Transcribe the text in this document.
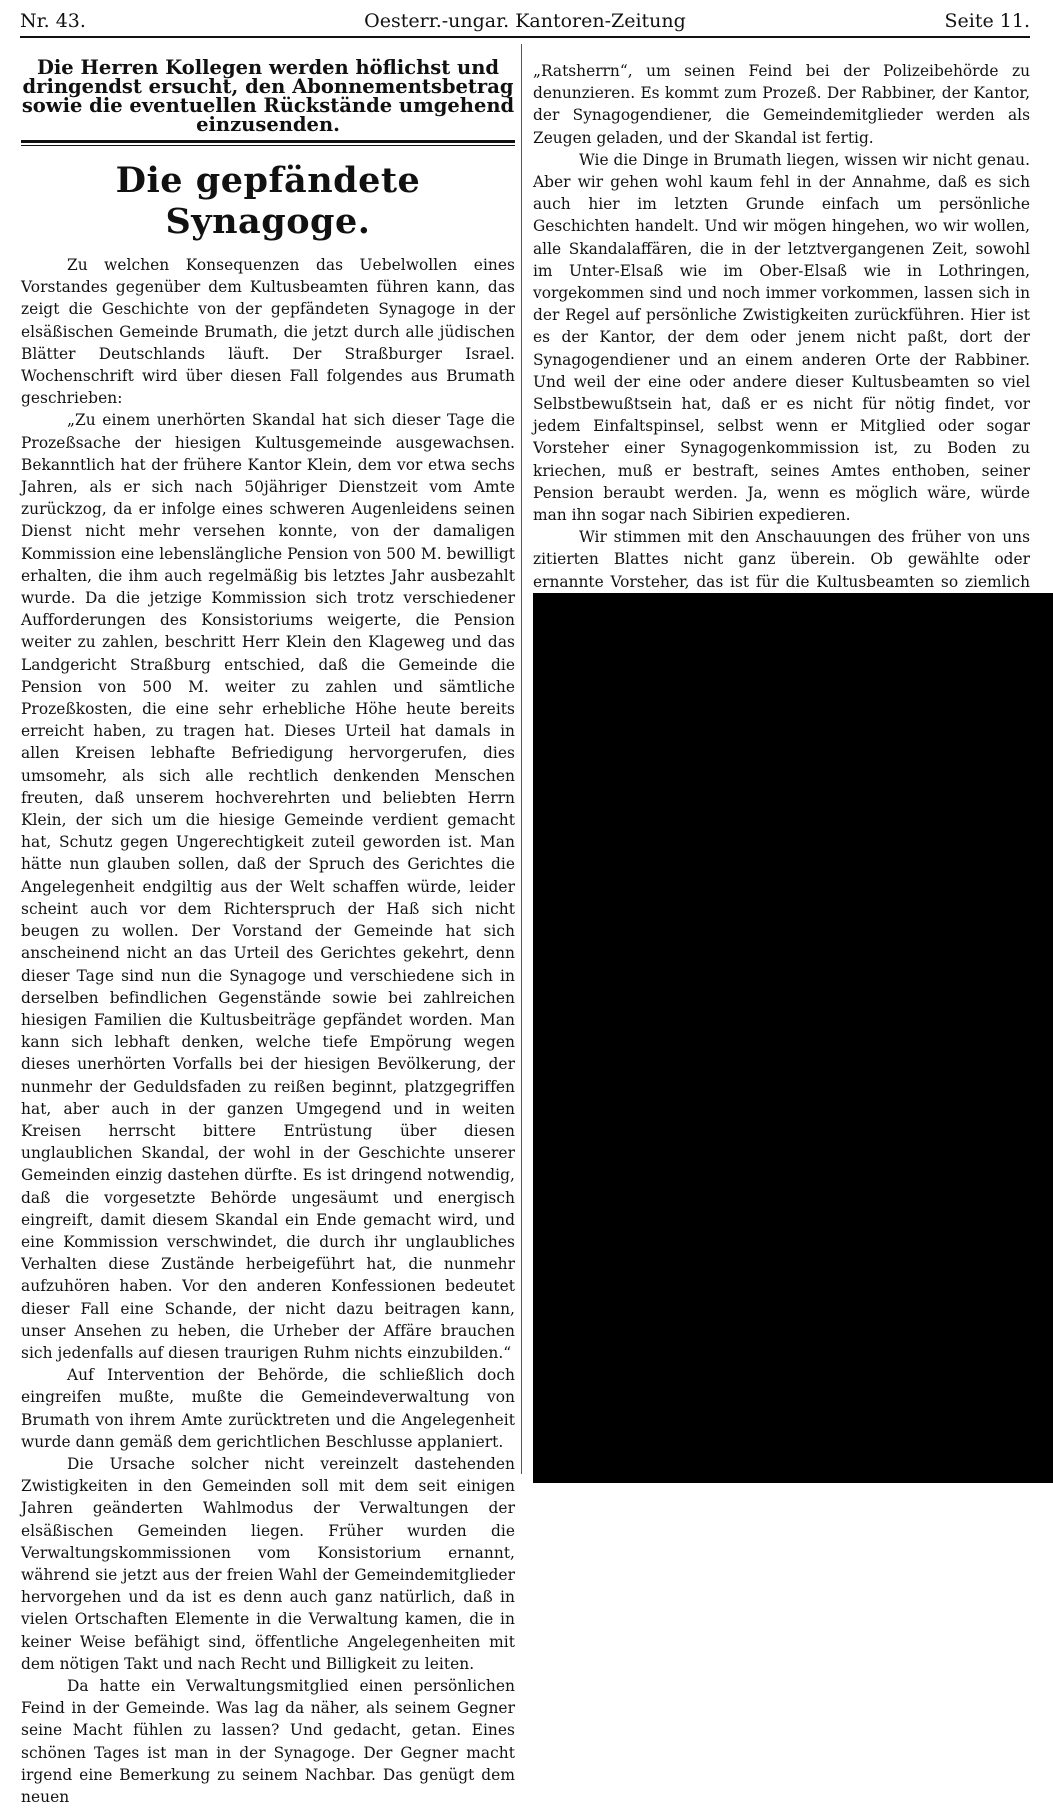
Nr. 43.	Oesterr.-ungar. Kantoren-Zeitung	Seite 11.

Die Herren Kollegen werden höflichst und dringendst ersucht, den Abonnementsbetrag sowie die eventuellen Rückstände umgehend einzusenden.

Die gepfändete Synagoge.

Zu welchen Konsequenzen das Uebelwollen eines Vorstandes gegenüber dem Kultusbeamten führen kann, das zeigt die Geschichte von der gepfändeten Synagoge in der elsäßischen Gemeinde Brumath, die jetzt durch alle jüdischen Blätter Deutschlands läuft. Der Straßburger Israel. Wochenschrift wird über diesen Fall folgendes aus Brumath geschrieben:

„Zu einem unerhörten Skandal hat sich dieser Tage die Prozeßsache der hiesigen Kultusgemeinde ausgewachsen. Bekanntlich hat der frühere Kantor Klein, dem vor etwa sechs Jahren, als er sich nach 50jähriger Dienstzeit vom Amte zurückzog, da er infolge eines schweren Augenleidens seinen Dienst nicht mehr versehen konnte, von der damaligen Kommission eine lebenslängliche Pension von 500 M. bewilligt erhalten, die ihm auch regelmäßig bis letztes Jahr ausbezahlt wurde. Da die jetzige Kommission sich trotz verschiedener Aufforderungen des Konsistoriums weigerte, die Pension weiter zu zahlen, beschritt Herr Klein den Klageweg und das Landgericht Straßburg entschied, daß die Gemeinde die Pension von 500 M. weiter zu zahlen und sämtliche Prozeßkosten, die eine sehr erhebliche Höhe heute bereits erreicht haben, zu tragen hat. Dieses Urteil hat damals in allen Kreisen lebhafte Befriedigung hervorgerufen, dies umsomehr, als sich alle rechtlich denkenden Menschen freuten, daß unserem hochverehrten und beliebten Herrn Klein, der sich um die hiesige Gemeinde verdient gemacht hat, Schutz gegen Ungerechtigkeit zuteil geworden ist. Man hätte nun glauben sollen, daß der Spruch des Gerichtes die Angelegenheit endgiltig aus der Welt schaffen würde, leider scheint auch vor dem Richterspruch der Haß sich nicht beugen zu wollen. Der Vorstand der Gemeinde hat sich anscheinend nicht an das Urteil des Gerichtes gekehrt, denn dieser Tage sind nun die Synagoge und verschiedene sich in derselben befindlichen Gegenstände sowie bei zahlreichen hiesigen Familien die Kultusbeiträge gepfändet worden. Man kann sich lebhaft denken, welche tiefe Empörung wegen dieses unerhörten Vorfalls bei der hiesigen Bevölkerung, der nunmehr der Geduldsfaden zu reißen beginnt, platzgegriffen hat, aber auch in der ganzen Umgegend und in weiten Kreisen herrscht bittere Entrüstung über diesen unglaublichen Skandal, der wohl in der Geschichte unserer Gemeinden einzig dastehen dürfte. Es ist dringend notwendig, daß die vorgesetzte Behörde ungesäumt und energisch eingreift, damit diesem Skandal ein Ende gemacht wird, und eine Kommission verschwindet, die durch ihr unglaubliches Verhalten diese Zustände herbeigeführt hat, die nunmehr aufzuhören haben. Vor den anderen Konfessionen bedeutet dieser Fall eine Schande, der nicht dazu beitragen kann, unser Ansehen zu heben, die Urheber der Affäre brauchen sich jedenfalls auf diesen traurigen Ruhm nichts einzubilden.“

Auf Intervention der Behörde, die schließlich doch eingreifen mußte, mußte die Gemeindeverwaltung von Brumath von ihrem Amte zurücktreten und die Angelegenheit wurde dann gemäß dem gerichtlichen Beschlusse applaniert.

Die Ursache solcher nicht vereinzelt dastehenden Zwistigkeiten in den Gemeinden soll mit dem seit einigen Jahren geänderten Wahlmodus der Verwaltungen der elsäßischen Gemeinden liegen. Früher wurden die Verwaltungskommissionen vom Konsistorium ernannt, während sie jetzt aus der freien Wahl der Gemeindemitglieder hervorgehen und da ist es denn auch ganz natürlich, daß in vielen Ortschaften Elemente in die Verwaltung kamen, die in keiner Weise befähigt sind, öffentliche Angelegenheiten mit dem nötigen Takt und nach Recht und Billigkeit zu leiten.

Da hatte ein Verwaltungsmitglied einen persönlichen Feind in der Gemeinde. Was lag da näher, als seinem Gegner seine Macht fühlen zu lassen? Und gedacht, getan. Eines schönen Tages ist man in der Synagoge. Der Gegner macht irgend eine Bemerkung zu seinem Nachbar. Das genügt dem neuen

„Ratsherrn“, um seinen Feind bei der Polizeibehörde zu denunzieren. Es kommt zum Prozeß. Der Rabbiner, der Kantor, der Synagogendiener, die Gemeindemitglieder werden als Zeugen geladen, und der Skandal ist fertig.

Wie die Dinge in Brumath liegen, wissen wir nicht genau. Aber wir gehen wohl kaum fehl in der Annahme, daß es sich auch hier im letzten Grunde einfach um persönliche Geschichten handelt. Und wir mögen hingehen, wo wir wollen, alle Skandalaffären, die in der letztvergangenen Zeit, sowohl im Unter-Elsaß wie im Ober-Elsaß wie in Lothringen, vorgekommen sind und noch immer vorkommen, lassen sich in der Regel auf persönliche Zwistigkeiten zurückführen. Hier ist es der Kantor, der dem oder jenem nicht paßt, dort der Synagogendiener und an einem anderen Orte der Rabbiner. Und weil der eine oder andere dieser Kultusbeamten so viel Selbstbewußtsein hat, daß er es nicht für nötig findet, vor jedem Einfaltspinsel, selbst wenn er Mitglied oder sogar Vorsteher einer Synagogenkommission ist, zu Boden zu kriechen, muß er bestraft, seines Amtes enthoben, seiner Pension beraubt werden. Ja, wenn es möglich wäre, würde man ihn sogar nach Sibirien expedieren.

Wir stimmen mit den Anschauungen des früher von uns zitierten Blattes nicht ganz überein. Ob gewählte oder ernannte Vorsteher, das ist für die Kultusbeamten so ziemlich
